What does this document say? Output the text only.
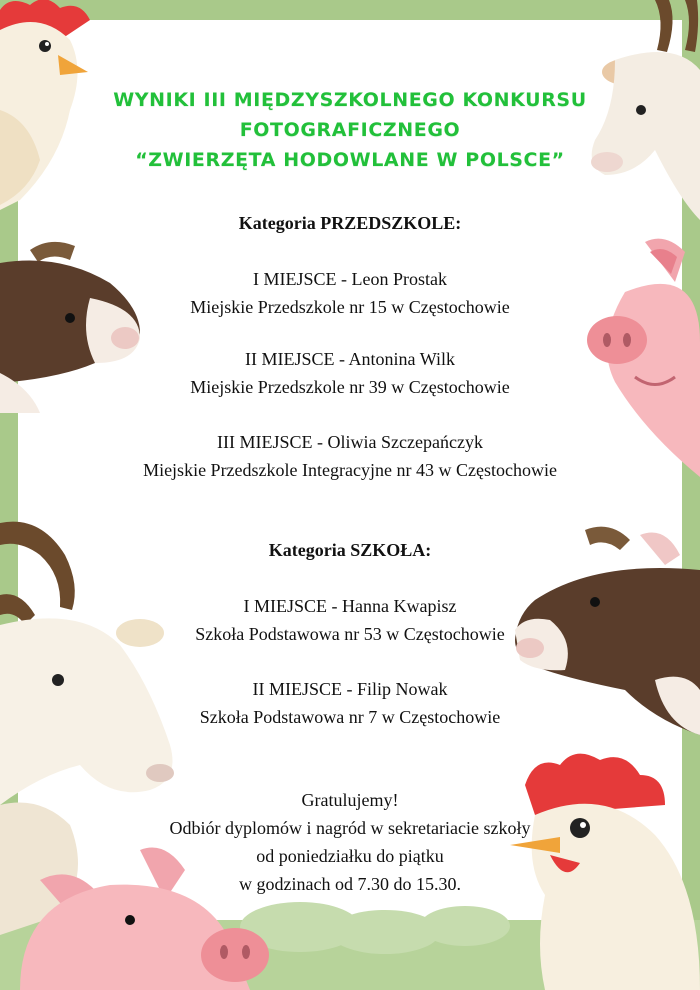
WYNIKI III MIĘDZYSZKOLNEGO KONKURSU
FOTOGRAFICZNEGO
“ZWIERZĘTA HODOWLANE W POLSCE”
Kategoria PRZEDSZKOLE:
I MIEJSCE - Leon Prostak
Miejskie Przedszkole nr 15 w Częstochowie
II MIEJSCE - Antonina Wilk
Miejskie Przedszkole nr 39 w Częstochowie
III MIEJSCE - Oliwia Szczepańczyk
Miejskie Przedszkole Integracyjne nr 43 w Częstochowie
Kategoria SZKOŁA:
I MIEJSCE - Hanna Kwapisz
Szkoła Podstawowa nr 53 w Częstochowie
II MIEJSCE - Filip Nowak
Szkoła Podstawowa nr 7 w Częstochowie
Gratulujemy!
Odbiór dyplomów i nagród w sekretariacie szkoły
od poniedziałku do piątku
w godzinach od 7.30 do 15.30.
